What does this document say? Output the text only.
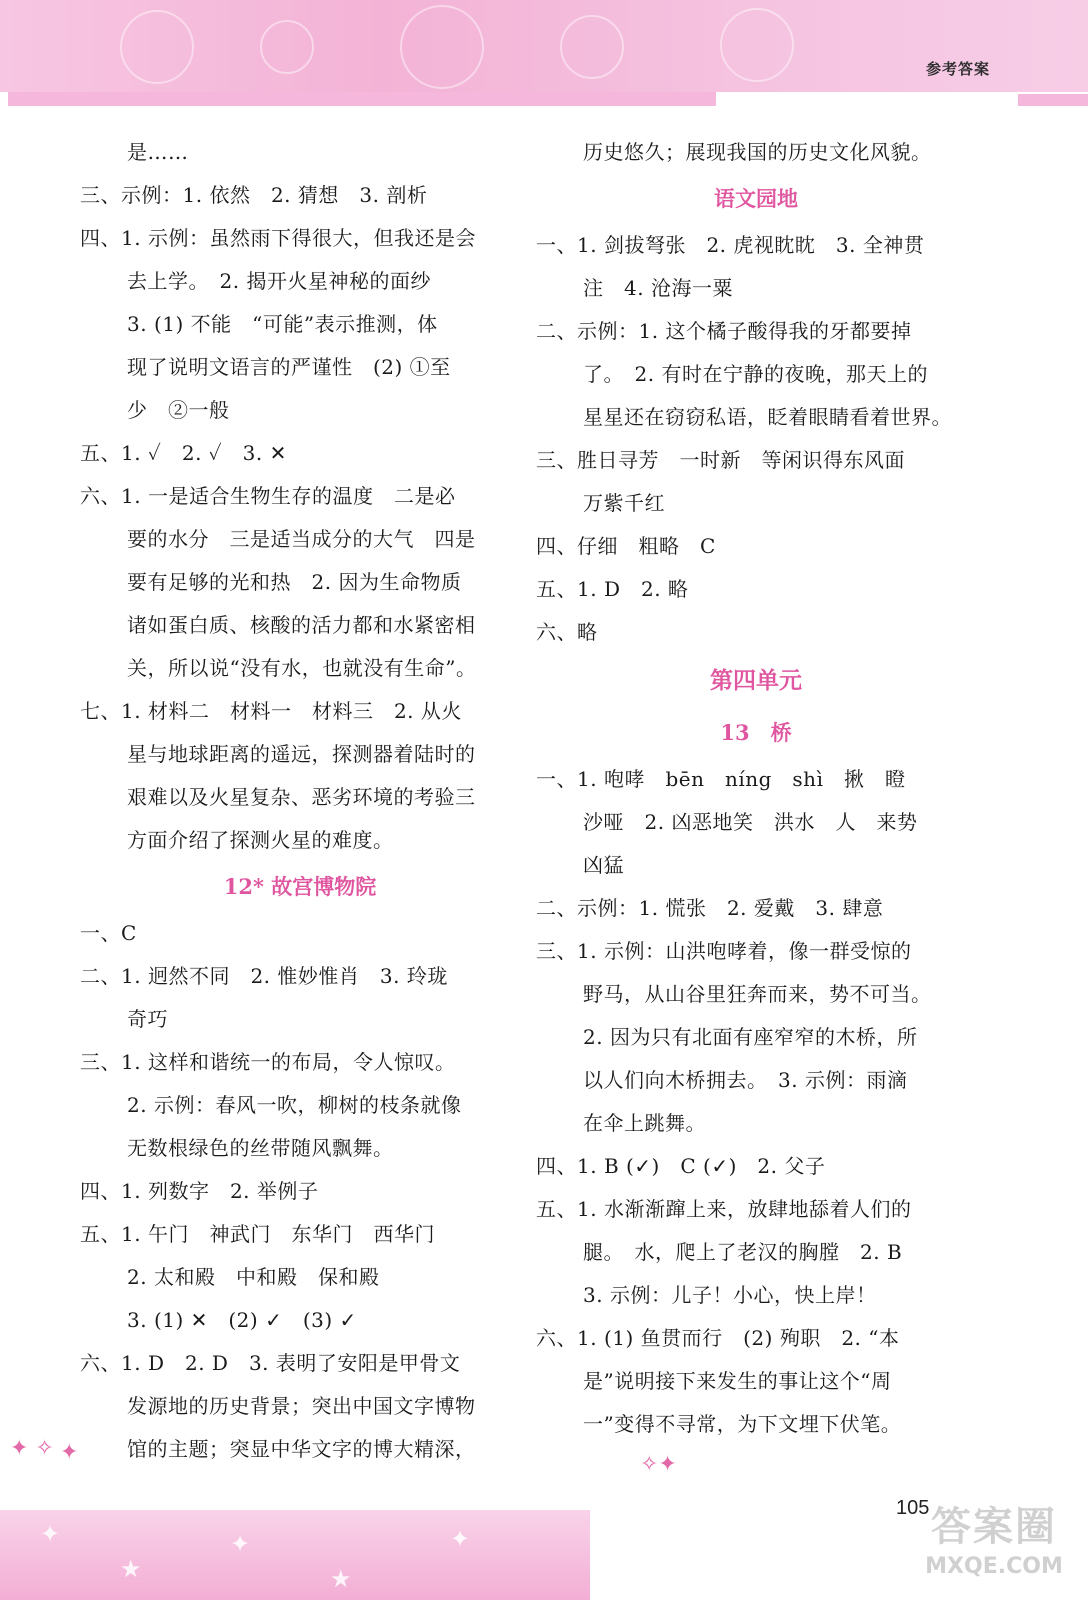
参考答案
是……
三、示例：1. 依然　2. 猜想　3. 剖析
四、1. 示例：虽然雨下得很大，但我还是会
去上学。　2. 揭开火星神秘的面纱
3. (1) 不能　“可能”表示推测，体
现了说明文语言的严谨性　(2) ①至
少　②一般
五、1. ✓　2. ✓　3. ✕
六、1. 一是适合生物生存的温度　二是必
要的水分　三是适当成分的大气　四是
要有足够的光和热　2. 因为生命物质
诸如蛋白质、核酸的活力都和水紧密相
关，所以说“没有水，也就没有生命”。
七、1. 材料二　材料一　材料三　2. 从火
星与地球距离的遥远，探测器着陆时的
艰难以及火星复杂、恶劣环境的考验三
方面介绍了探测火星的难度。
12* 故宫博物院
一、C
二、1. 迥然不同　2. 惟妙惟肖　3. 玲珑
奇巧
三、1. 这样和谐统一的布局，令人惊叹。
2. 示例：春风一吹，柳树的枝条就像
无数根绿色的丝带随风飘舞。
四、1. 列数字　2. 举例子
五、1. 午门　神武门　东华门　西华门
2. 太和殿　中和殿　保和殿
3. (1) ✕　(2) ✓　(3) ✓
六、1. D　2. D　3. 表明了安阳是甲骨文
发源地的历史背景；突出中国文字博物
馆的主题；突显中华文字的博大精深，
历史悠久；展现我国的历史文化风貌。
语文园地
一、1. 剑拔弩张　2. 虎视眈眈　3. 全神贯
注　4. 沧海一粟
二、示例：1. 这个橘子酸得我的牙都要掉
了。　2. 有时在宁静的夜晚，那天上的
星星还在窃窃私语，眨着眼睛看着世界。
三、胜日寻芳　一时新　等闲识得东风面
万紫千红
四、仔细　粗略　C
五、1. D　2. 略
六、略
第四单元
13　桥
一、1. 咆哮　bēn　níng　shì　揪　瞪
沙哑　2. 凶恶地笑　洪水　人　来势
凶猛
二、示例：1. 慌张　2. 爱戴　3. 肆意
三、1. 示例：山洪咆哮着，像一群受惊的
野马，从山谷里狂奔而来，势不可当。
2. 因为只有北面有座窄窄的木桥，所
以人们向木桥拥去。　3. 示例：雨滴
在伞上跳舞。
四、1. B (✓)　C (✓)　2. 父子
五、1. 水渐渐蹿上来，放肆地舔着人们的
腿。　水，爬上了老汉的胸膛　2. B
3. 示例：儿子！小心，快上岸！
六、1. (1) 鱼贯而行　(2) 殉职　2. “本
是”说明接下来发生的事让这个“周
一”变得不寻常，为下文埋下伏笔。
✦
★
✦
★
✦
✦ ✧ ✦	✧✦
105 答案圈
MXQE.COM
